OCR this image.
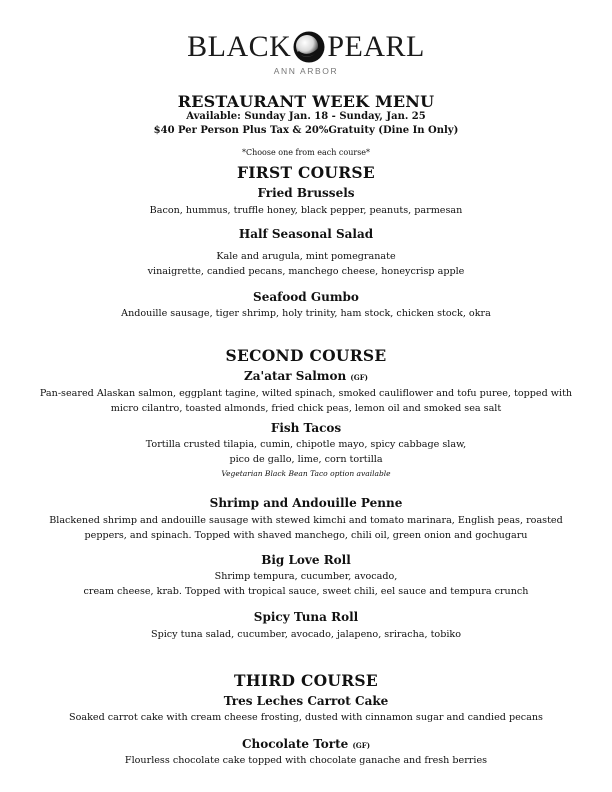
BLACK PEARL
ANN ARBOR
RESTAURANT WEEK MENU
Available: Sunday Jan. 18 - Sunday, Jan. 25
$40 Per Person Plus Tax & 20%Gratuity (Dine In Only)
*Choose one from each course*
FIRST COURSE
Fried Brussels
Bacon, hummus, truffle honey, black pepper, peanuts, parmesan
Half Seasonal Salad
Kale and arugula, mint pomegranate
vinaigrette, candied pecans, manchego cheese, honeycrisp apple
Seafood Gumbo
Andouille sausage, tiger shrimp, holy trinity, ham stock, chicken stock, okra
SECOND COURSE
Za'atar Salmon (GF)
Pan-seared Alaskan salmon, eggplant tagine, wilted spinach, smoked cauliflower and tofu puree, topped with micro cilantro, toasted almonds, fried chick peas, lemon oil and smoked sea salt
Fish Tacos
Tortilla crusted tilapia, cumin, chipotle mayo, spicy cabbage slaw,
pico de gallo, lime, corn tortilla
Vegetarian Black Bean Taco option available
Shrimp and Andouille Penne
Blackened shrimp and andouille sausage with stewed kimchi and tomato marinara, English peas, roasted peppers, and spinach. Topped with shaved manchego, chili oil, green onion and gochugaru
Big Love Roll
Shrimp tempura, cucumber, avocado,
cream cheese, krab. Topped with tropical sauce, sweet chili, eel sauce and tempura crunch
Spicy Tuna Roll
Spicy tuna salad, cucumber, avocado, jalapeno, sriracha, tobiko
THIRD COURSE
Tres Leches Carrot Cake
Soaked carrot cake with cream cheese frosting, dusted with cinnamon sugar and candied pecans
Chocolate Torte (GF)
Flourless chocolate cake topped with chocolate ganache and fresh berries
